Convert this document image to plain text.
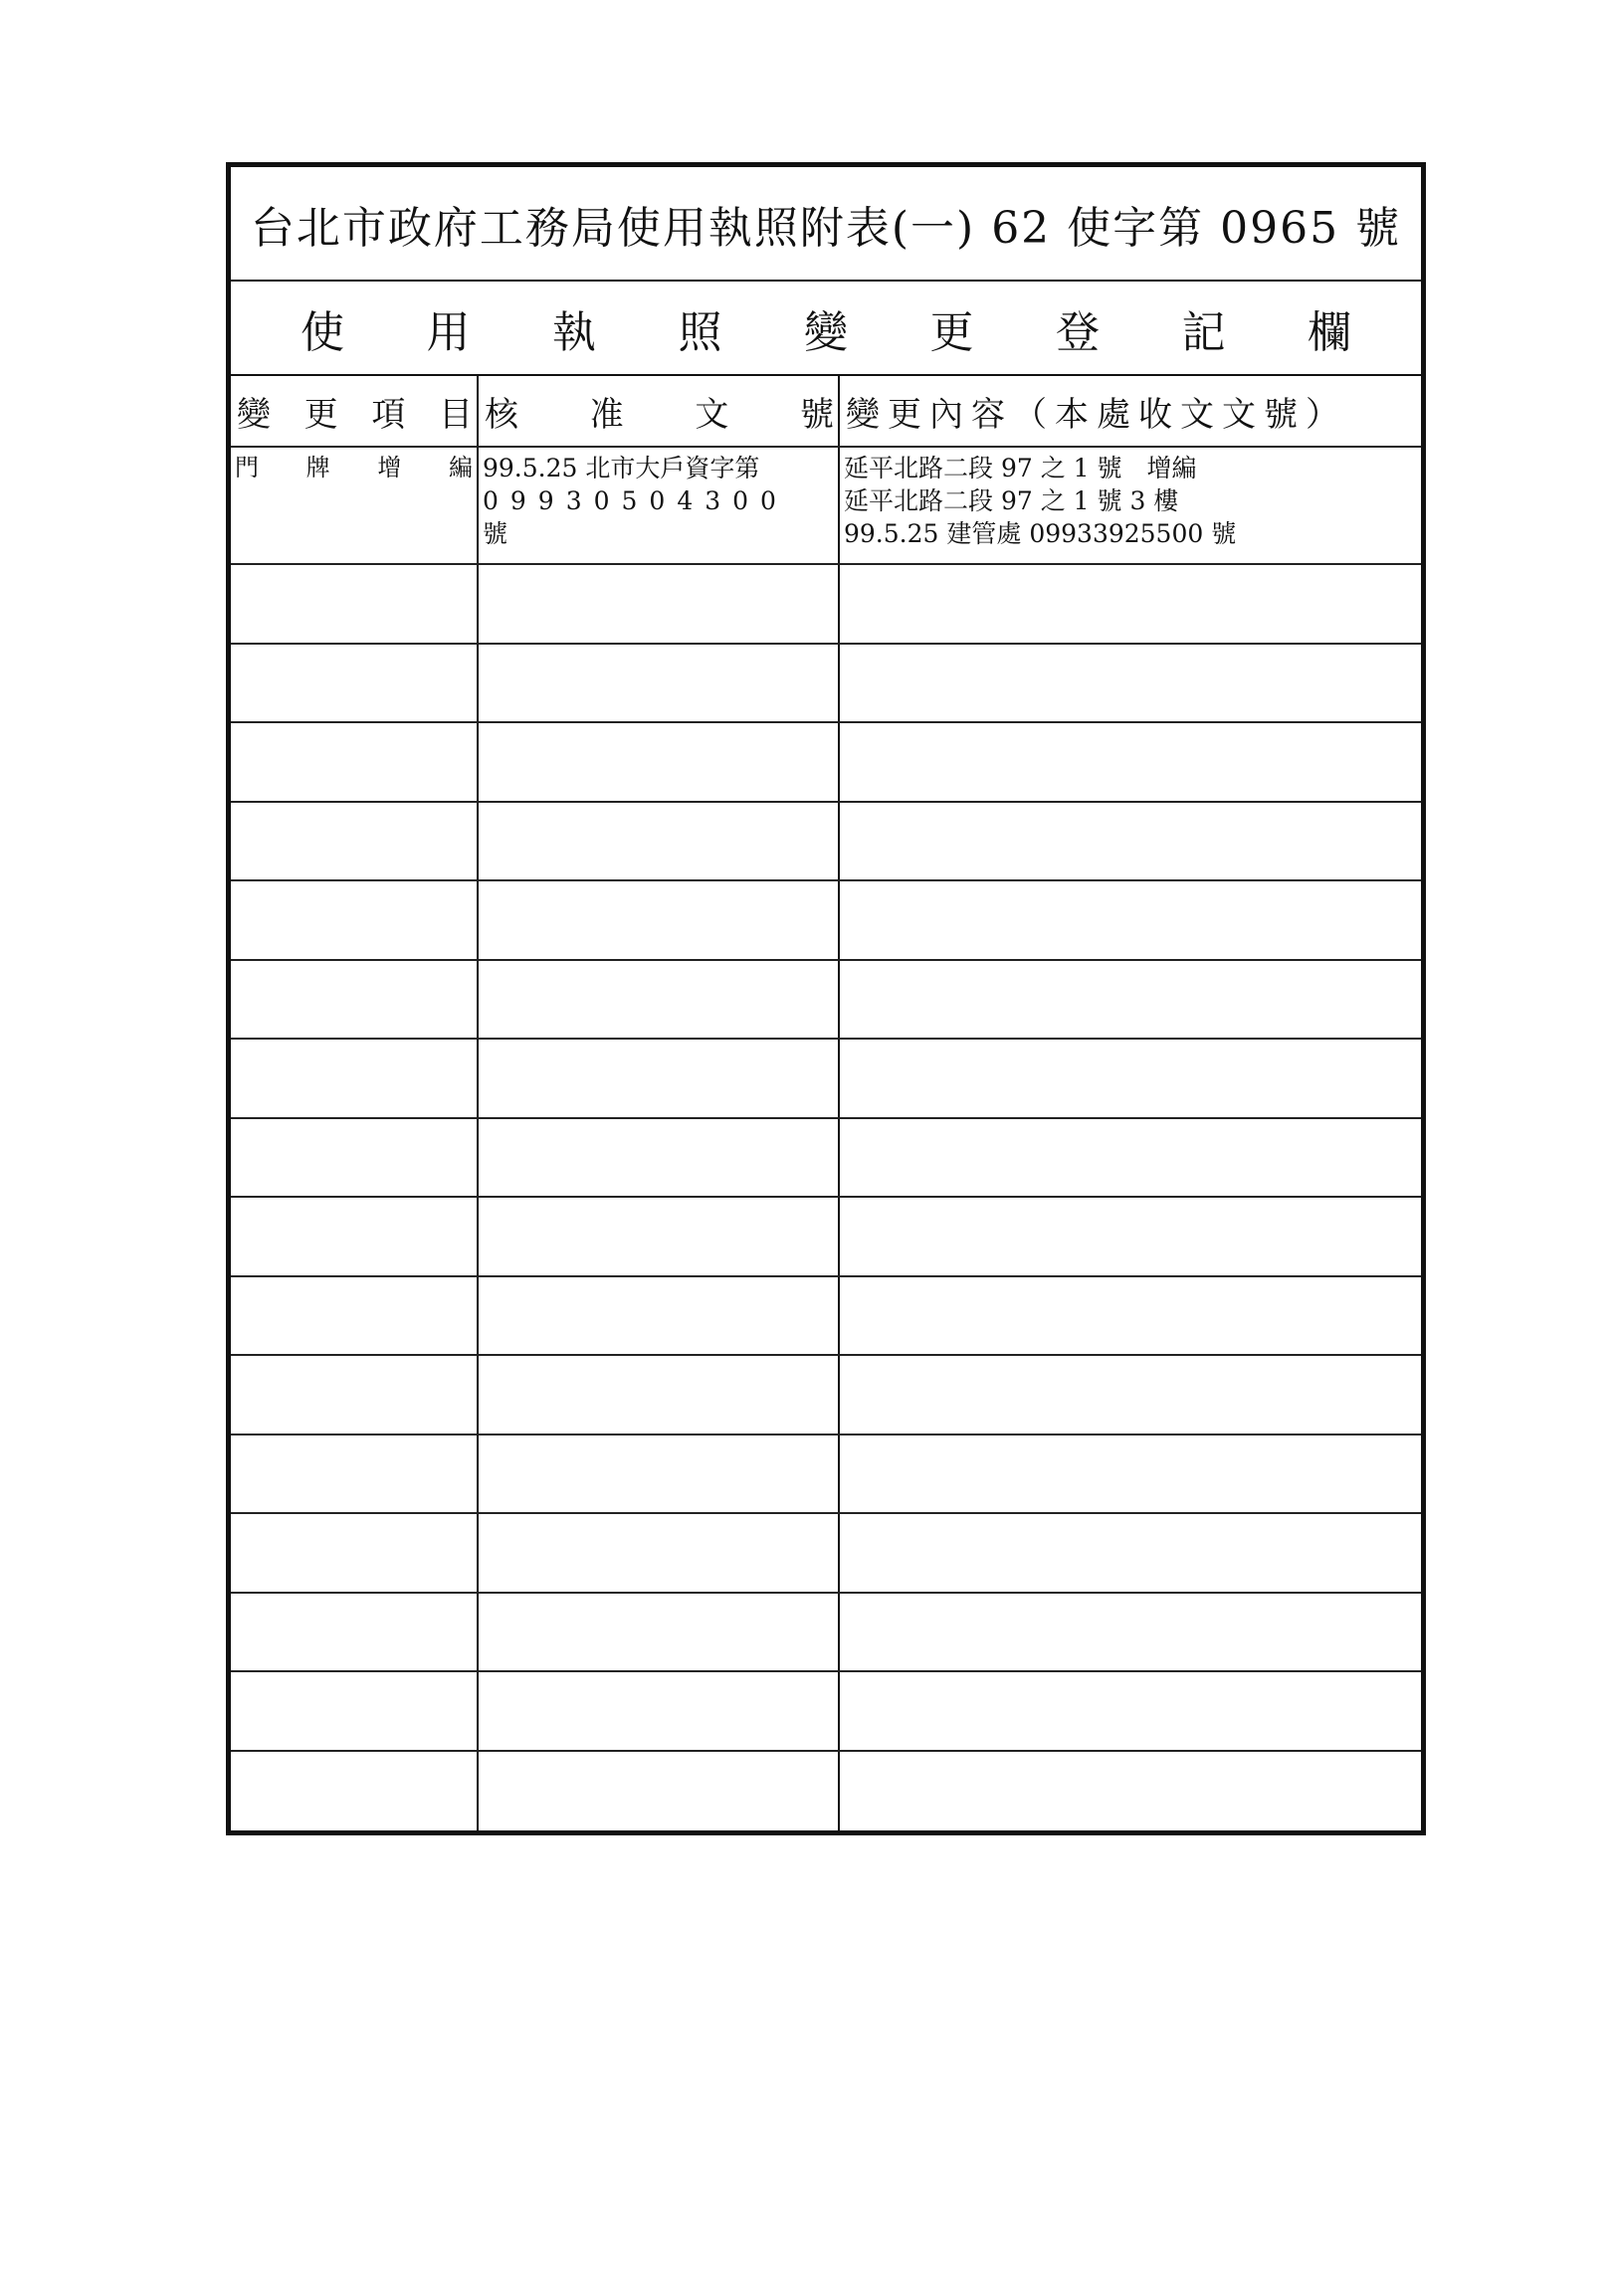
台北市政府工務局使用執照附表(一) 62 使字第 0965 號
使 用 執 照 變 更 登 記 欄
變 更 項 目 核 准 文 號 變更內容（本處收文文號）
門 牌 增 編 99.5.25 北市大戶資字第
09930504300 號
延平北路二段 97 之 1 號　增編
延平北路二段 97 之 1 號 3 樓
99.5.25 建管處 09933925500 號
